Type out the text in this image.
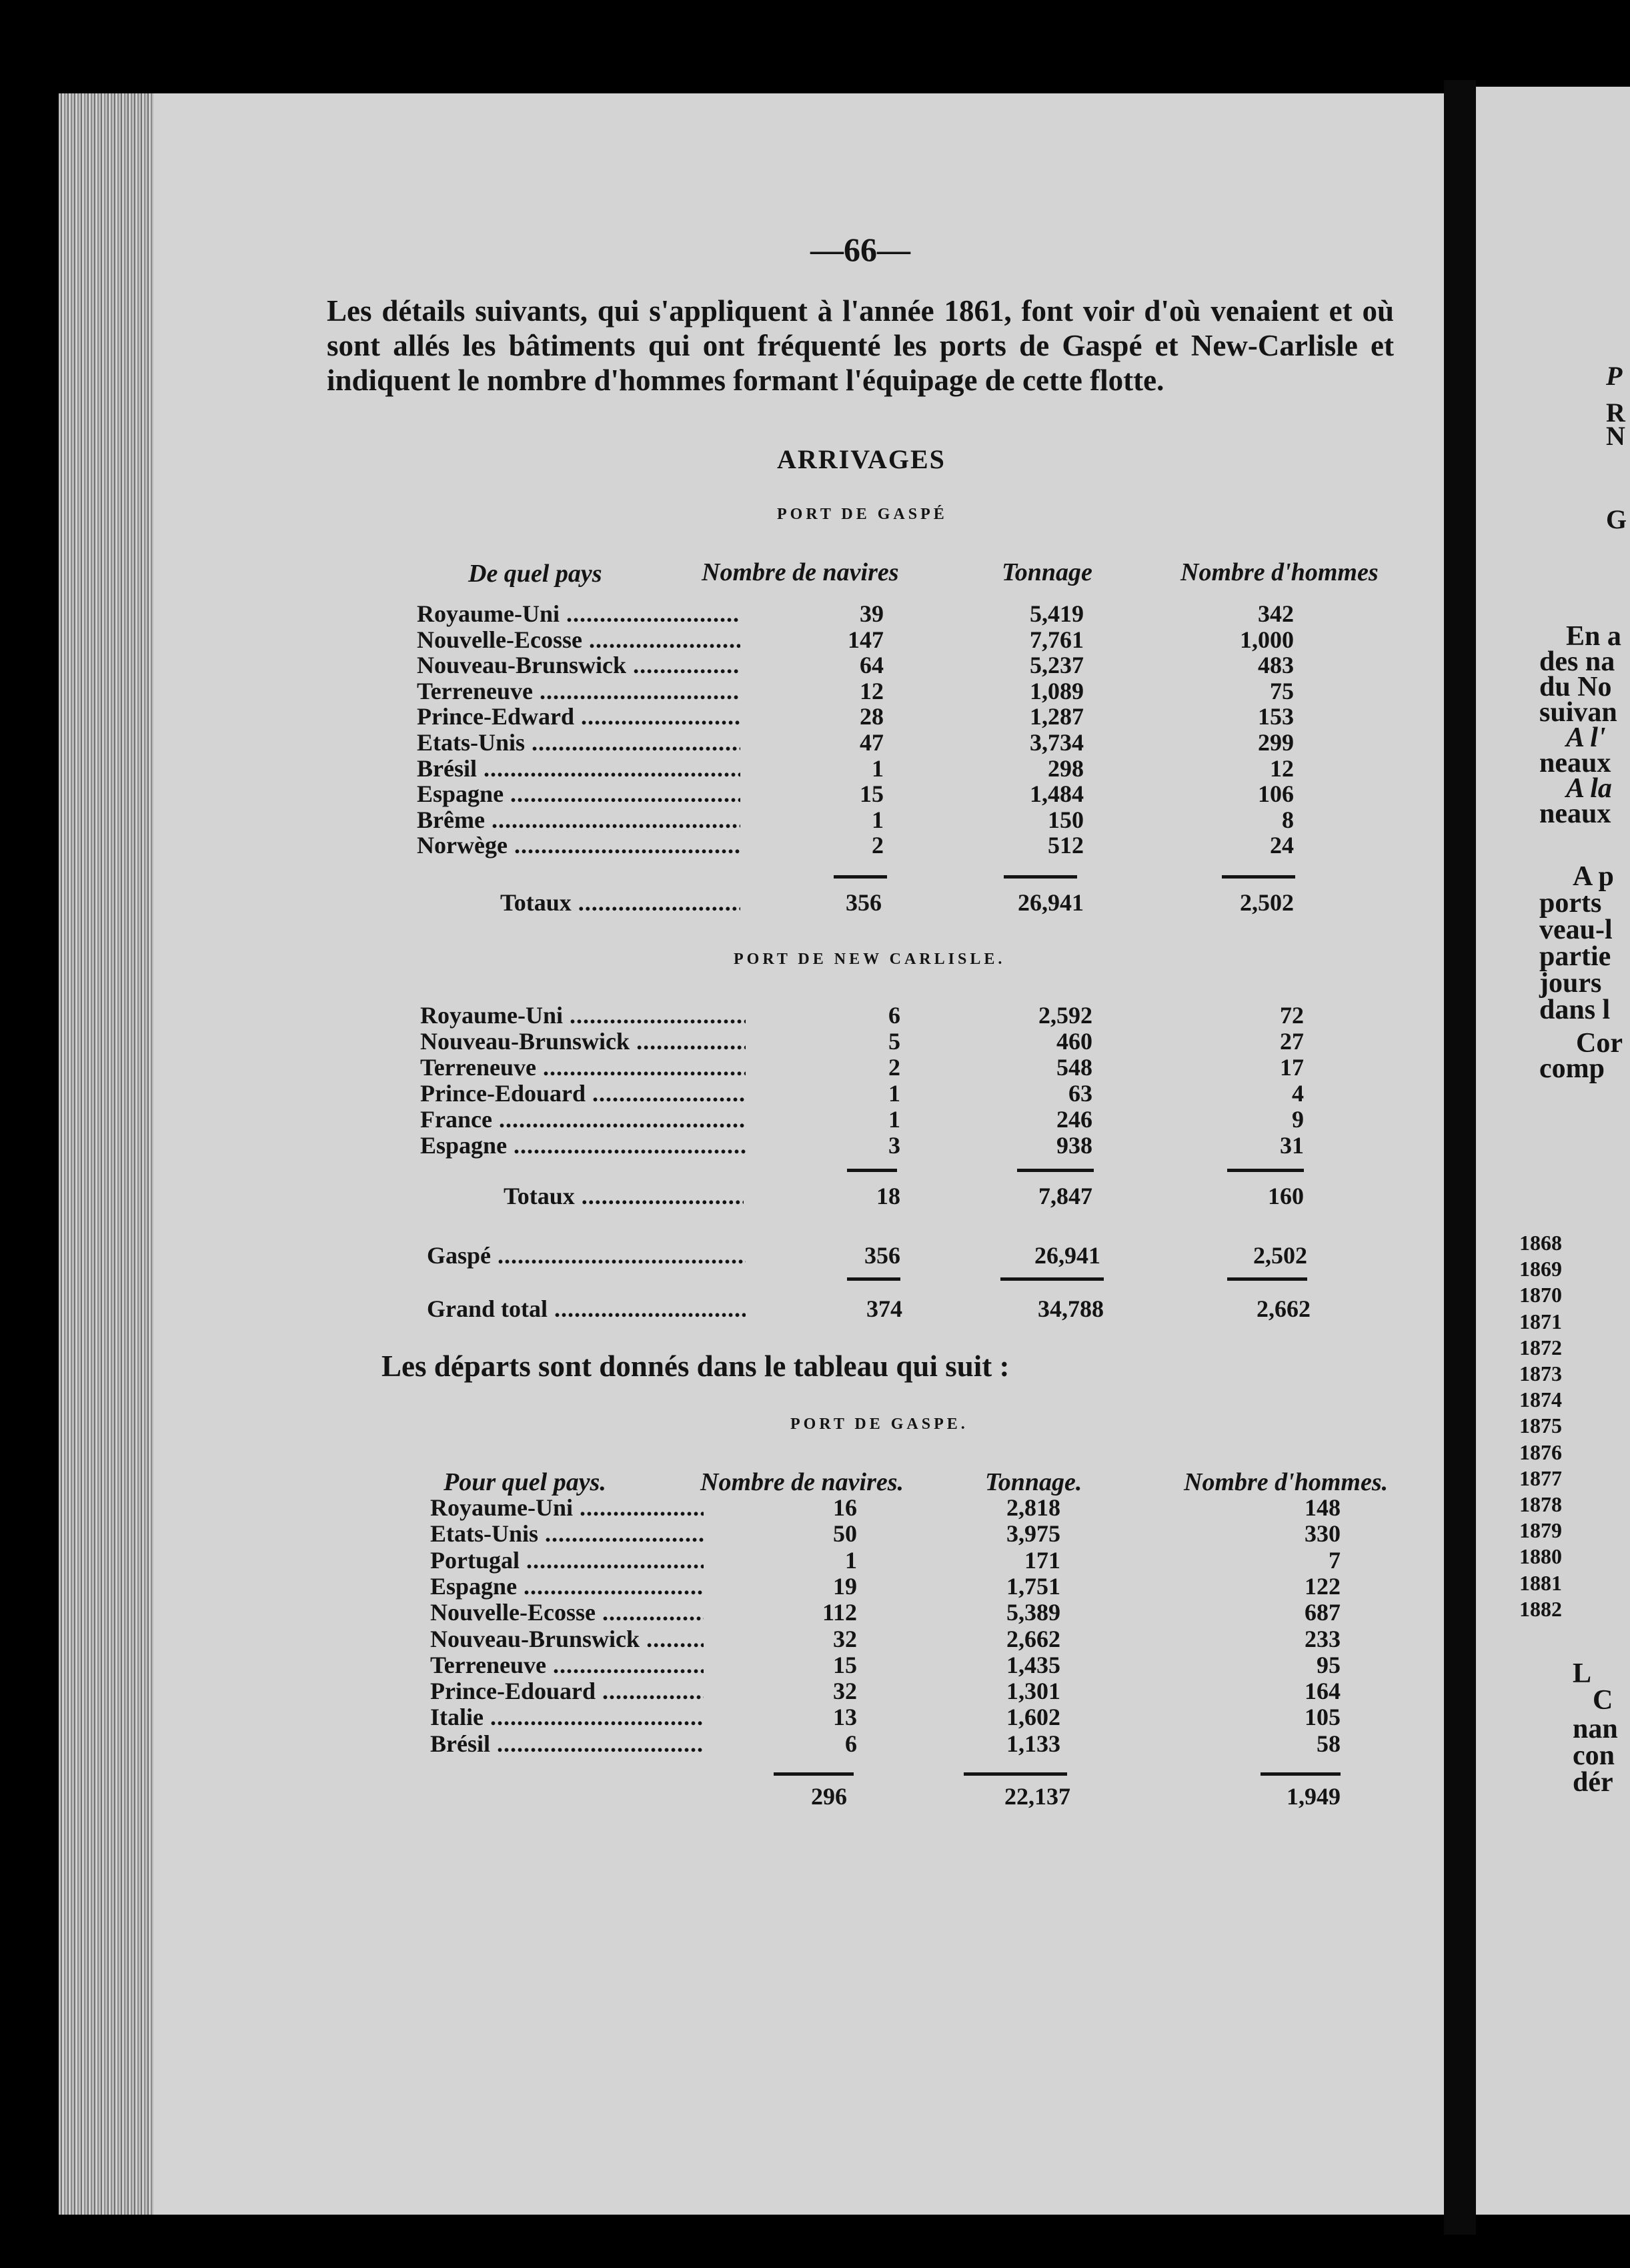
P
R
N
G
En a
des na
du No
suivan
A l'
neaux
A la
neaux
A p
ports
veau-l
partie
jours
dans l
Cor
comp
1868
1869
1870
1871
1872
1873
1874
1875
1876
1877
1878
1879
1880
1881
1882
L
C
nan
con
dér
—66—
Les détails suivants, qui s'appliquent à l'année 1861, font voir d'où venaient et où sont allés les bâtiments qui ont fréquenté les ports de Gaspé et New-Carlisle et indiquent le nombre d'hommes formant l'équipage de cette flotte.
ARRIVAGES
PORT DE GASPÉ
De quel pays	Nombre de navires	Tonnage	Nombre d'hommes
Royaume-Uni .....	39	5,419	342
Nouvelle-Ecosse .....	147	7,761	1,000
Nouveau-Brunswick .....	64	5,237	483
Terreneuve .....	12	1,089	75
Prince-Edward .....	28	1,287	153
Etats-Unis .....	47	3,734	299
Brésil .....	1	298	12
Espagne .....	15	1,484	106
Brême .....	1	150	8
Norwège .....	2	512	24
Totaux .....	356	26,941	2,502
PORT DE NEW CARLISLE.
Royaume-Uni .....	6	2,592	72
Nouveau-Brunswick .....	5	460	27
Terreneuve .....	2	548	17
Prince-Edouard .....	1	63	4
France .....	1	246	9
Espagne .....	3	938	31
Totaux .....	18	7,847	160
Gaspé .....	356	26,941	2,502
Grand total .....	374	34,788	2,662
Les départs sont donnés dans le tableau qui suit :
PORT DE GASPE.
Pour quel pays.	Nombre de navires.	Tonnage.	Nombre d'hommes.
Royaume-Uni .....	16	2,818	148
Etats-Unis .....	50	3,975	330
Portugal .....	1	171	7
Espagne .....	19	1,751	122
Nouvelle-Ecosse .....	112	5,389	687
Nouveau-Brunswick .....	32	2,662	233
Terreneuve .....	15	1,435	95
Prince-Edouard .....	32	1,301	164
Italie .....	13	1,602	105
Brésil .....	6	1,133	58
296	22,137	1,949
